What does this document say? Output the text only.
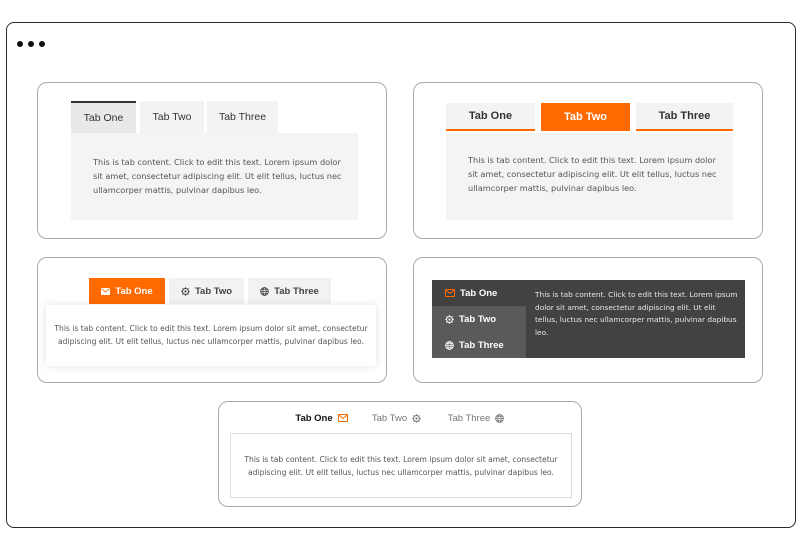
Tab One	Tab Two	Tab Three

This is tab content. Click to edit this text. Lorem ipsum dolor sit amet, consectetur adipiscing elit. Ut elit tellus, luctus nec ullamcorper mattis, pulvinar dapibus leo.

Tab One	Tab Two	Tab Three

This is tab content. Click to edit this text. Lorem ipsum dolor sit amet, consectetur adipiscing elit. Ut elit tellus, luctus nec ullamcorper mattis, pulvinar dapibus leo.

Tab One	Tab Two	Tab Three

This is tab content. Click to edit this text. Lorem ipsum dolor sit amet, consectetur adipiscing elit. Ut elit tellus, luctus nec ullamcorper mattis, pulvinar dapibus leo.

Tab One
Tab Two
Tab Three

This is tab content. Click to edit this text. Lorem ipsum dolor sit amet, consectetur adipiscing elit. Ut elit tellus, luctus nec ullamcorper mattis, pulvinar dapibus leo.

Tab One	Tab Two	Tab Three

This is tab content. Click to edit this text. Lorem ipsum dolor sit amet, consectetur adipiscing elit. Ut elit tellus, luctus nec ullamcorper mattis, pulvinar dapibus leo.
